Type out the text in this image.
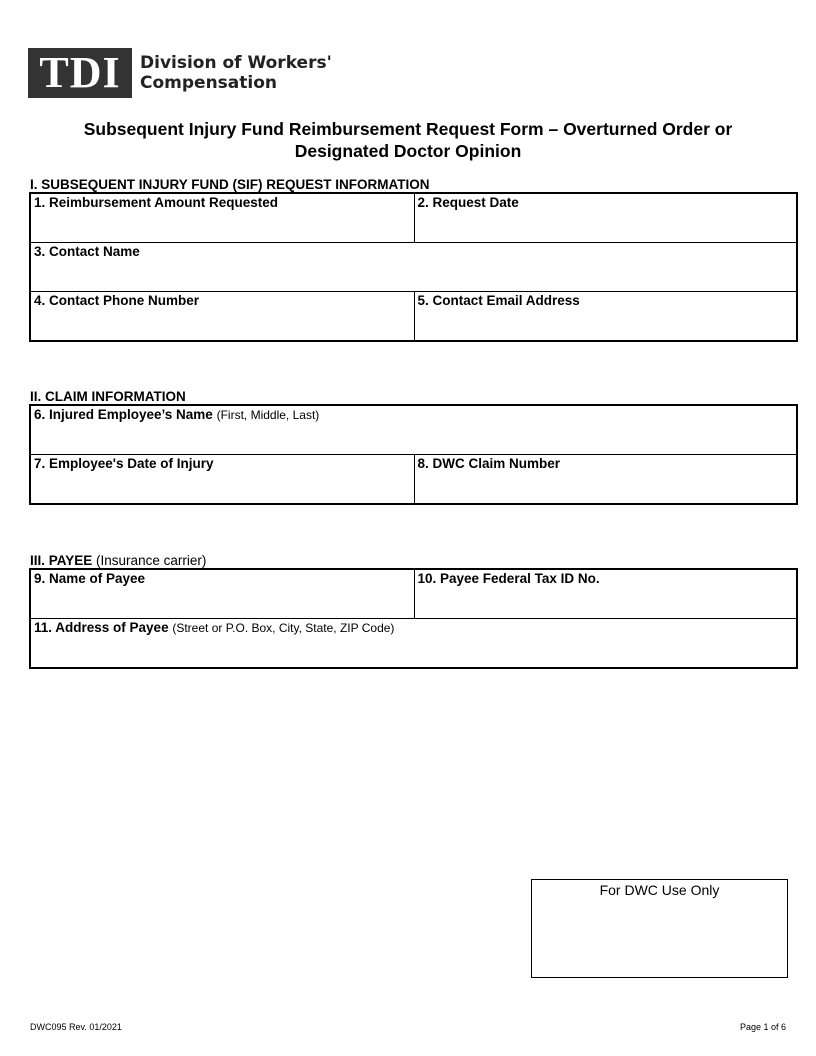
TDI	Division of Workers'
Compensation
Subsequent Injury Fund Reimbursement Request Form – Overturned Order or
Designated Doctor Opinion
I. SUBSEQUENT INJURY FUND (SIF) REQUEST INFORMATION
1. Reimbursement Amount Requested	2. Request Date
3. Contact Name	
4. Contact Phone Number	5. Contact Email Address
II. CLAIM INFORMATION
6. Injured Employee’s Name (First, Middle, Last)
7. Employee's Date of Injury	8. DWC Claim Number
III. PAYEE (Insurance carrier)
9. Name of Payee	10. Payee Federal Tax ID No.
11. Address of Payee (Street or P.O. Box, City, State, ZIP Code)
For DWC Use Only
DWC095 Rev. 01/2021	Page 1 of 6
